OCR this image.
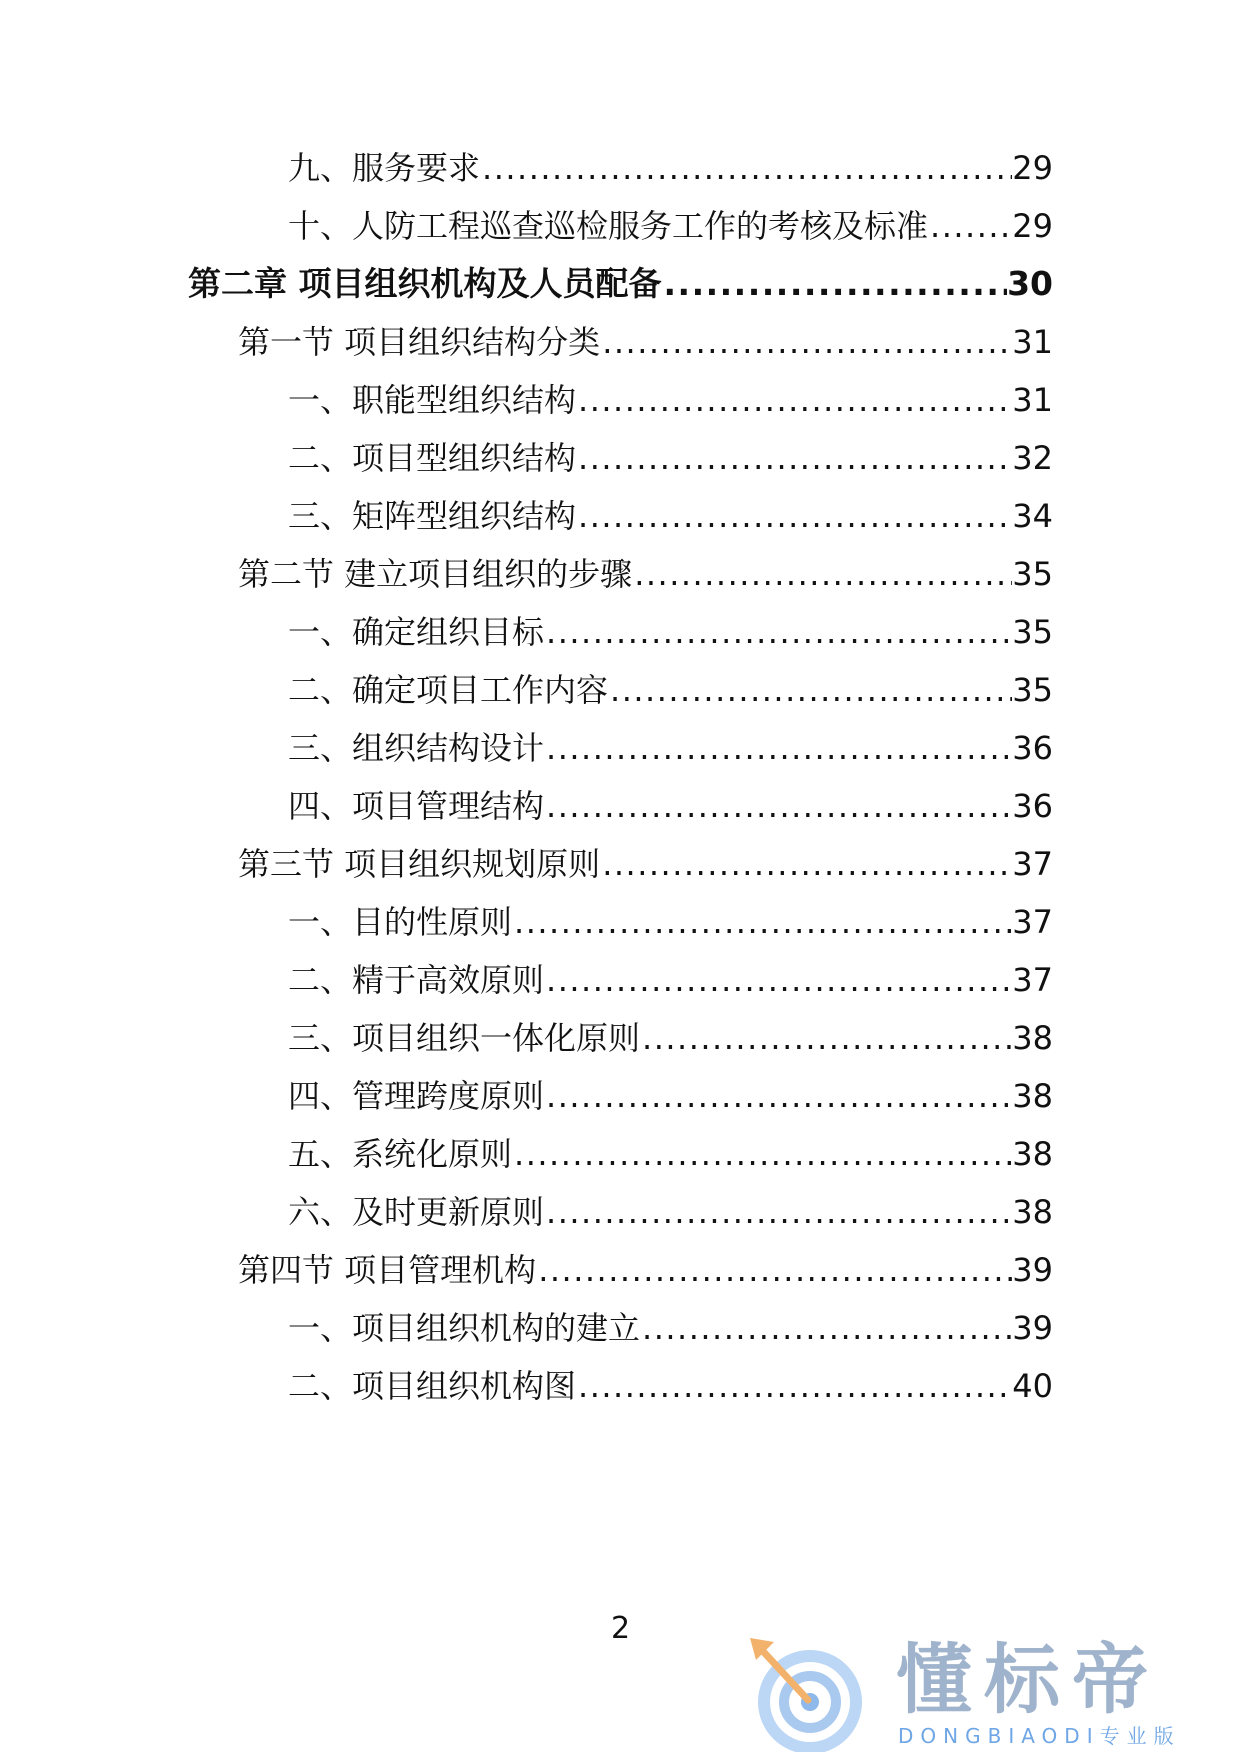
九、服务要求 .....	29
十、人防工程巡查巡检服务工作的考核及标准 .....	29
第二章 项目组织机构及人员配备 .....	30
第一节 项目组织结构分类 .....	31
一、职能型组织结构 .....	31
二、项目型组织结构 .....	32
三、矩阵型组织结构 .....	34
第二节 建立项目组织的步骤 .....	35
一、确定组织目标 .....	35
二、确定项目工作内容 .....	35
三、组织结构设计 .....	36
四、项目管理结构 .....	36
第三节 项目组织规划原则 .....	37
一、目的性原则 .....	37
二、精于高效原则 .....	37
三、项目组织一体化原则 .....	38
四、管理跨度原则 .....	38
五、系统化原则 .....	38
六、及时更新原则 .....	38
第四节 项目管理机构 .....	39
一、项目组织机构的建立 .....	39
二、项目组织机构图 .....	40
2
懂标帝
DONGBIAODI专业版
